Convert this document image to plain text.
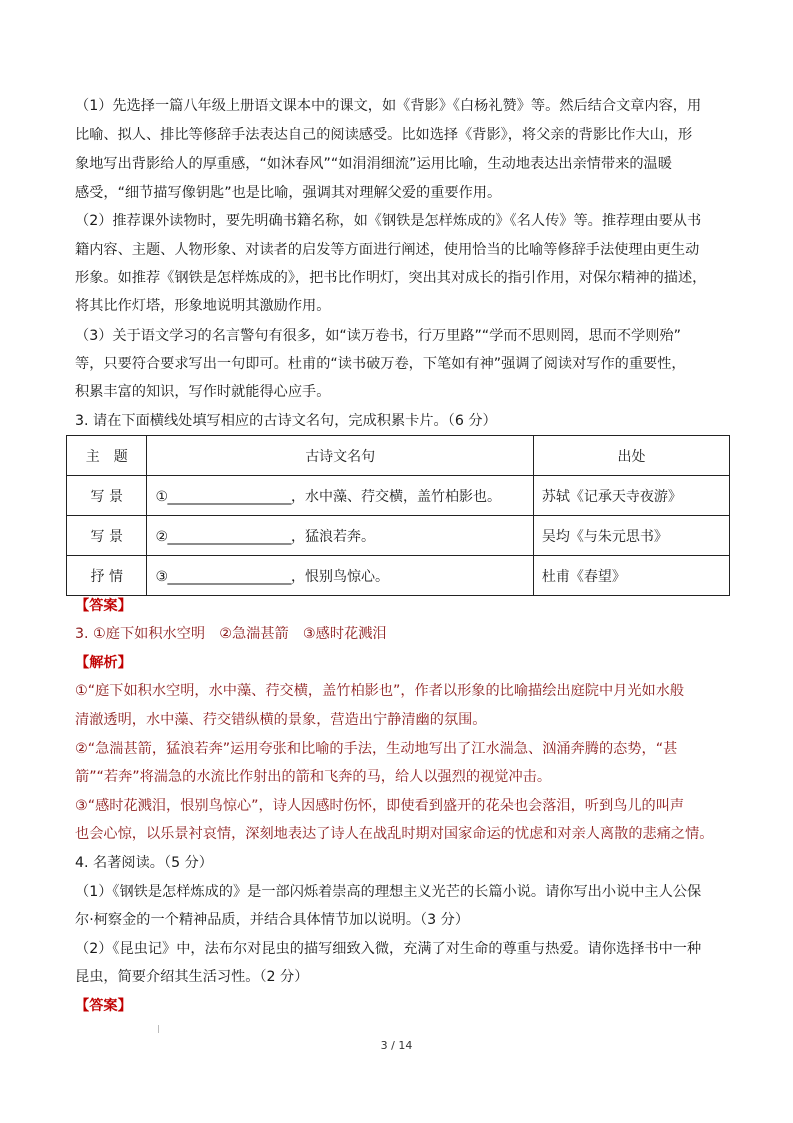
（1）先选择一篇八年级上册语文课本中的课文，如《背影》《白杨礼赞》等。然后结合文章内容，用
比喻、拟人、排比等修辞手法表达自己的阅读感受。比如选择《背影》，将父亲的背影比作大山，形
象地写出背影给人的厚重感，“如沐春风”“如涓涓细流”运用比喻，生动地表达出亲情带来的温暖
感受，“细节描写像钥匙”也是比喻，强调其对理解父爱的重要作用。
（2）推荐课外读物时，要先明确书籍名称，如《钢铁是怎样炼成的》《名人传》等。推荐理由要从书
籍内容、主题、人物形象、对读者的启发等方面进行阐述，使用恰当的比喻等修辞手法使理由更生动
形象。如推荐《钢铁是怎样炼成的》，把书比作明灯，突出其对成长的指引作用，对保尔精神的描述，
将其比作灯塔，形象地说明其激励作用。
（3）关于语文学习的名言警句有很多，如“读万卷书，行万里路”“学而不思则罔，思而不学则殆”
等，只要符合要求写出一句即可。杜甫的“读书破万卷，下笔如有神”强调了阅读对写作的重要性，
积累丰富的知识，写作时就能得心应手。
3. 请在下面横线处填写相应的古诗文名句，完成积累卡片。（6 分）
主　题	古诗文名句	出处
写 景	①___________________，水中藻、荇交横，盖竹柏影也。	苏轼《记承天寺夜游》
写 景	②___________________，猛浪若奔。	吴均《与朱元思书》
抒 情	③___________________，恨别鸟惊心。	杜甫《春望》
【答案】
3. ①庭下如积水空明　②急湍甚箭　③感时花溅泪
【解析】
①“庭下如积水空明，水中藻、荇交横，盖竹柏影也”，作者以形象的比喻描绘出庭院中月光如水般
清澈透明，水中藻、荇交错纵横的景象，营造出宁静清幽的氛围。
②“急湍甚箭，猛浪若奔”运用夸张和比喻的手法，生动地写出了江水湍急、汹涌奔腾的态势，“甚
箭”“若奔”将湍急的水流比作射出的箭和飞奔的马，给人以强烈的视觉冲击。
③“感时花溅泪，恨别鸟惊心”，诗人因感时伤怀，即使看到盛开的花朵也会落泪，听到鸟儿的叫声
也会心惊，以乐景衬哀情，深刻地表达了诗人在战乱时期对国家命运的忧虑和对亲人离散的悲痛之情。
4. 名著阅读。（5 分）
（1）《钢铁是怎样炼成的》是一部闪烁着崇高的理想主义光芒的长篇小说。请你写出小说中主人公保
尔·柯察金的一个精神品质，并结合具体情节加以说明。（3 分）
（2）《昆虫记》中，法布尔对昆虫的描写细致入微，充满了对生命的尊重与热爱。请你选择书中一种
昆虫，简要介绍其生活习性。（2 分）
【答案】
3 / 14
